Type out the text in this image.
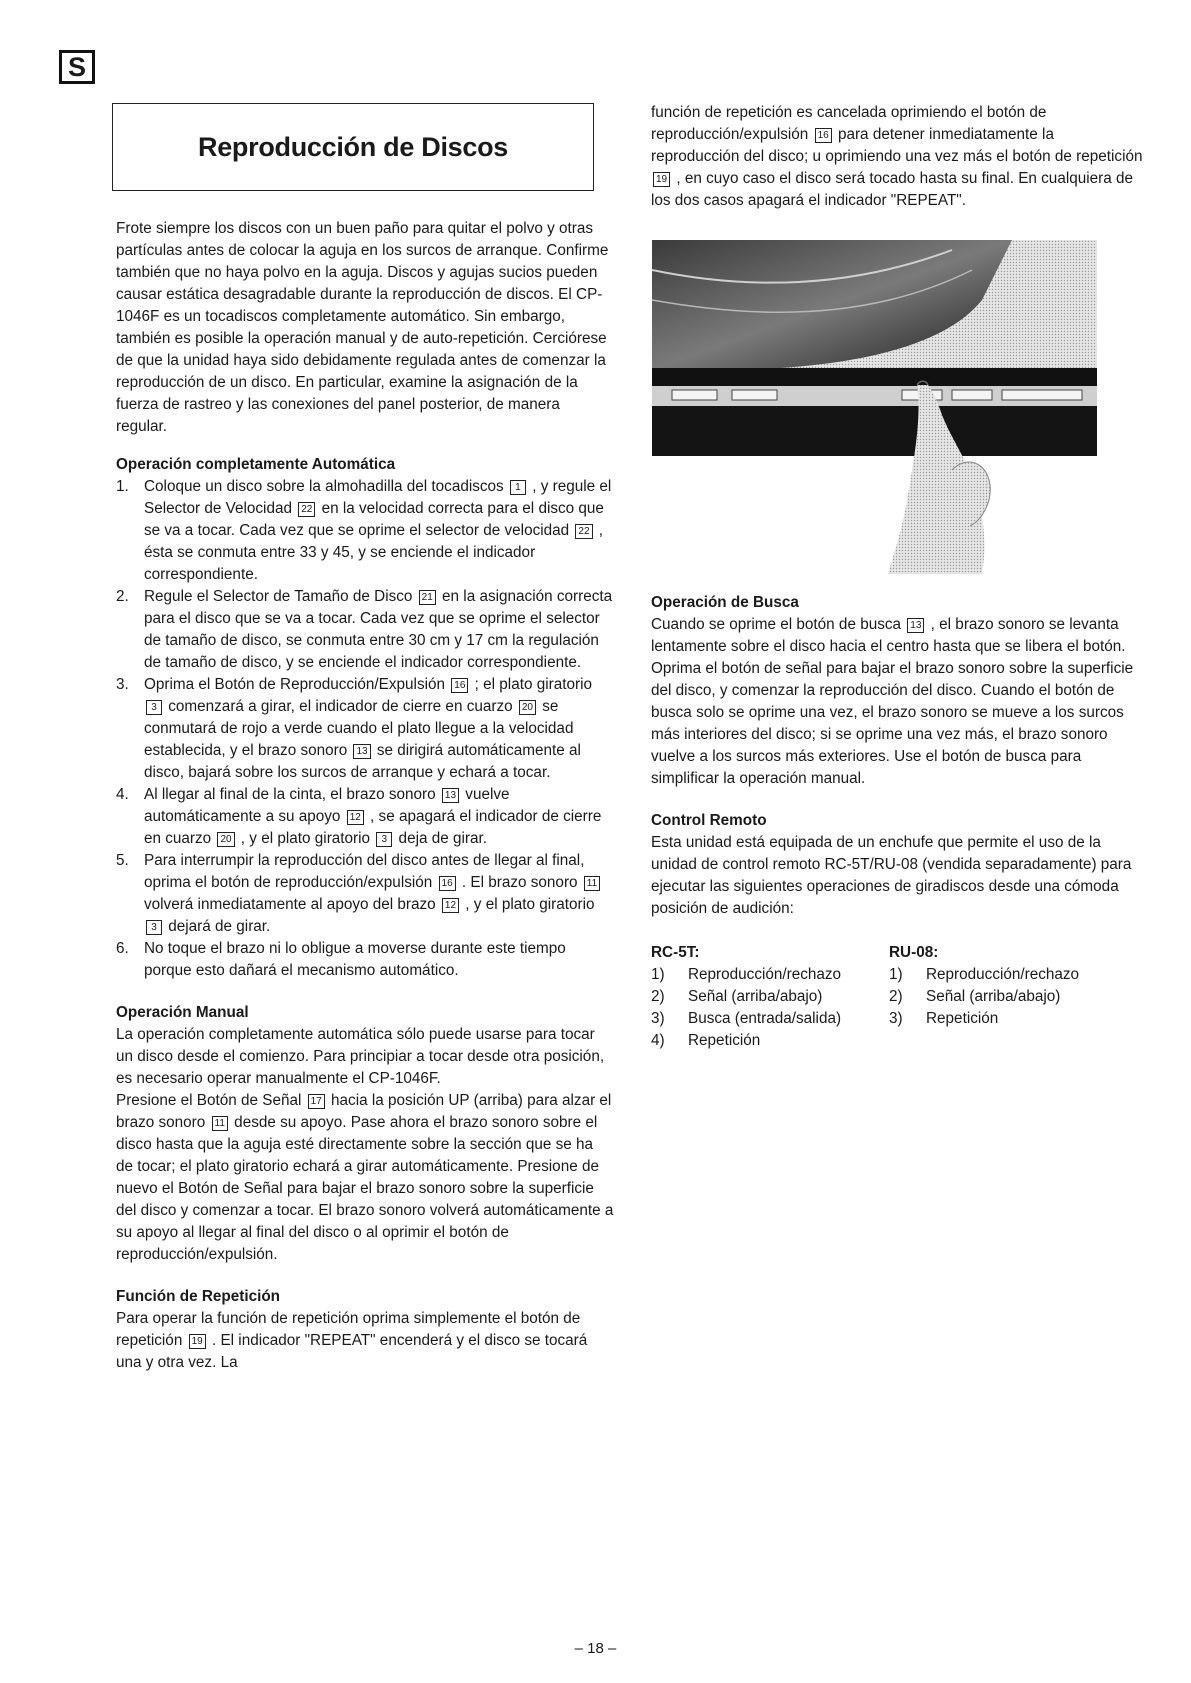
S
Reproducción de Discos

Frote siempre los discos con un buen paño para quitar el polvo y otras partículas antes de colocar la aguja en los surcos de arranque. Confirme también que no haya polvo en la aguja. Discos y agujas sucios pueden causar estática desagradable durante la reproducción de discos. El CP-1046F es un tocadiscos completamente automático. Sin embargo, también es posible la operación manual y de auto-repetición. Cerciórese de que la unidad haya sido debidamente regulada antes de comenzar la reproducción de un disco. En particular, examine la asignación de la fuerza de rastreo y las conexiones del panel posterior, de manera regular.

Operación completamente Automática
1. Coloque un disco sobre la almohadilla del tocadiscos 1 , y regule el Selector de Velocidad 22 en la velocidad correcta para el disco que se va a tocar. Cada vez que se oprime el selector de velocidad 22 , ésta se conmuta entre 33 y 45, y se enciende el indicador correspondiente.
2. Regule el Selector de Tamaño de Disco 21 en la asignación correcta para el disco que se va a tocar. Cada vez que se oprime el selector de tamaño de disco, se conmuta entre 30 cm y 17 cm la regulación de tamaño de disco, y se enciende el indicador correspondiente.
3. Oprima el Botón de Reproducción/Expulsión 16 ; el plato giratorio 3 comenzará a girar, el indicador de cierre en cuarzo 20 se conmutará de rojo a verde cuando el plato llegue a la velocidad establecida, y el brazo sonoro 13 se dirigirá automáticamente al disco, bajará sobre los surcos de arranque y echará a tocar.
4. Al llegar al final de la cinta, el brazo sonoro 13 vuelve automáticamente a su apoyo 12 , se apagará el indicador de cierre en cuarzo 20 , y el plato giratorio 3 deja de girar.
5. Para interrumpir la reproducción del disco antes de llegar al final, oprima el botón de reproducción/expulsión 16 . El brazo sonoro 11 volverá inmediatamente al apoyo del brazo 12 , y el plato giratorio 3 dejará de girar.
6. No toque el brazo ni lo obligue a moverse durante este tiempo porque esto dañará el mecanismo automático.
Operación Manual

La operación completamente automática sólo puede usarse para tocar un disco desde el comienzo. Para principiar a tocar desde otra posición, es necesario operar manualmente el CP-1046F.

Presione el Botón de Señal 17 hacia la posición UP (arriba) para alzar el brazo sonoro 11 desde su apoyo. Pase ahora el brazo sonoro sobre el disco hasta que la aguja esté directamente sobre la sección que se ha de tocar; el plato giratorio echará a girar automáticamente. Presione de nuevo el Botón de Señal para bajar el brazo sonoro sobre la superficie del disco y comenzar a tocar. El brazo sonoro volverá automáticamente a su apoyo al llegar al final del disco o al oprimir el botón de reproducción/expulsión.

Función de Repetición

Para operar la función de repetición oprima simplemente el botón de repetición 19 . El indicador "REPEAT" encenderá y el disco se tocará una y otra vez. La

función de repetición es cancelada oprimiendo el botón de reproducción/expulsión 16 para detener inmediatamente la reproducción del disco; u oprimiendo una vez más el botón de repetición 19 , en cuyo caso el disco será tocado hasta su final. En cualquiera de los dos casos apagará el indicador "REPEAT".

Operación de Busca

Cuando se oprime el botón de busca 13 , el brazo sonoro se levanta lentamente sobre el disco hacia el centro hasta que se libera el botón. Oprima el botón de señal para bajar el brazo sonoro sobre la superficie del disco, y comenzar la reproducción del disco. Cuando el botón de busca solo se oprime una vez, el brazo sonoro se mueve a los surcos más interiores del disco; si se oprime una vez más, el brazo sonoro vuelve a los surcos más exteriores. Use el botón de busca para simplificar la operación manual.

Control Remoto

Esta unidad está equipada de un enchufe que permite el uso de la unidad de control remoto RC-5T/RU-08 (vendida separadamente) para ejecutar las siguientes operaciones de giradiscos desde una cómoda posición de audición:

RC-5T:
1) Reproducción/rechazo
2) Señal (arriba/abajo)
3) Busca (entrada/salida)
4) Repetición
RU-08:
1) Reproducción/rechazo
2) Señal (arriba/abajo)
3) Repetición
– 18 –
